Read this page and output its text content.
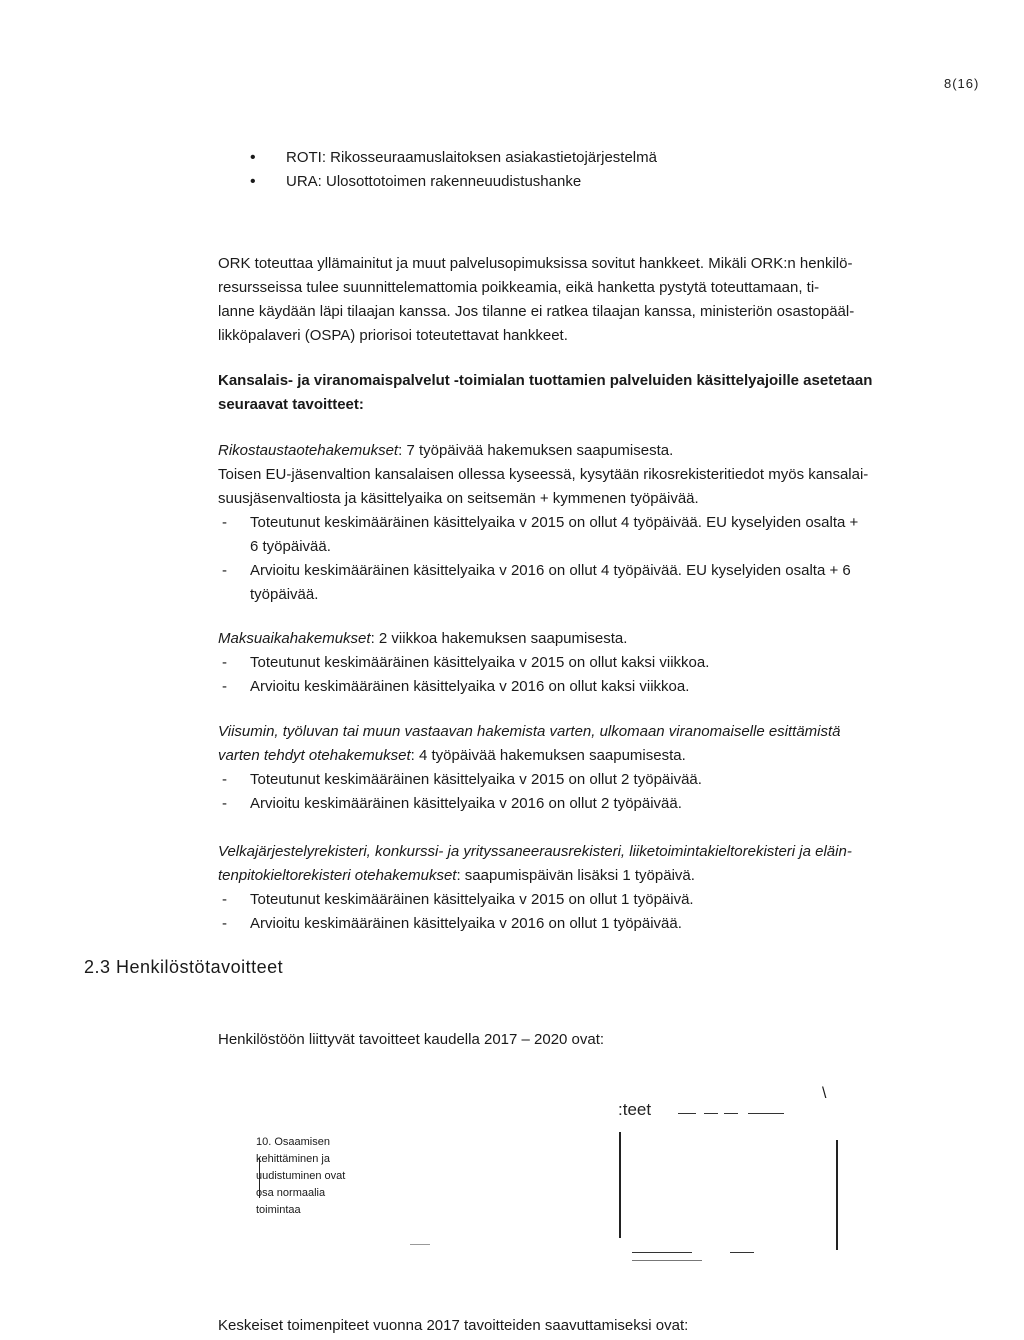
8(16)
• ROTI: Rikosseuraamuslaitoksen asiakastietojärjestelmä
• URA: Ulosottotoimen rakenneuudistushanke

ORK toteuttaa yllämainitut ja muut palvelusopimuksissa sovitut hankkeet. Mikäli ORK:n henkilö-

resursseissa tulee suunnittelemattomia poikkeamia, eikä hanketta pystytä toteuttamaan, ti-

lanne käydään läpi tilaajan kanssa. Jos tilanne ei ratkea tilaajan kanssa, ministeriön osastopääl-

likköpalaveri (OSPA) priorisoi toteutettavat hankkeet.

Kansalais- ja viranomaispalvelut -toimialan tuottamien palveluiden käsittelyajoille asetetaan

seuraavat tavoitteet:

Rikostaustaotehakemukset: 7 työpäivää hakemuksen saapumisesta.

Toisen EU-jäsenvaltion kansalaisen ollessa kyseessä, kysytään rikosrekisteritiedot myös kansalai-

suusjäsenvaltiosta ja käsittelyaika on seitsemän + kymmenen työpäivää.

- Toteutunut keskimääräinen käsittelyaika v 2015 on ollut 4 työpäivää. EU kyselyiden osalta +
6 työpäivää.
- Arvioitu keskimääräinen käsittelyaika v 2016 on ollut 4 työpäivää. EU kyselyiden osalta + 6
työpäivää.

Maksuaikahakemukset: 2 viikkoa hakemuksen saapumisesta.

- Toteutunut keskimääräinen käsittelyaika v 2015 on ollut kaksi viikkoa.

- Arvioitu keskimääräinen käsittelyaika v 2016 on ollut kaksi viikkoa.

Viisumin, työluvan tai muun vastaavan hakemista varten, ulkomaan viranomaiselle esittämistä

varten tehdyt otehakemukset: 4 työpäivää hakemuksen saapumisesta.

- Toteutunut keskimääräinen käsittelyaika v 2015 on ollut 2 työpäivää.

- Arvioitu keskimääräinen käsittelyaika v 2016 on ollut 2 työpäivää.

Velkajärjestelyrekisteri, konkurssi- ja yrityssaneerausrekisteri, liiketoimintakieltorekisteri ja eläin-

tenpitokieltorekisteri otehakemukset: saapumispäivän lisäksi 1 työpäivä.

- Toteutunut keskimääräinen käsittelyaika v 2015 on ollut 1 työpäivä.

- Arvioitu keskimääräinen käsittelyaika v 2016 on ollut 1 työpäivää.

2.3 Henkilöstötavoitteet
Henkilöstöön liittyvät tavoitteet kaudella 2017 – 2020 ovat:
:teet
\
10. Osaamisen
kehittäminen ja
uudistuminen ovat
osa normaalia
toimintaa
Keskeiset toimenpiteet vuonna 2017 tavoitteiden saavuttamiseksi ovat:
